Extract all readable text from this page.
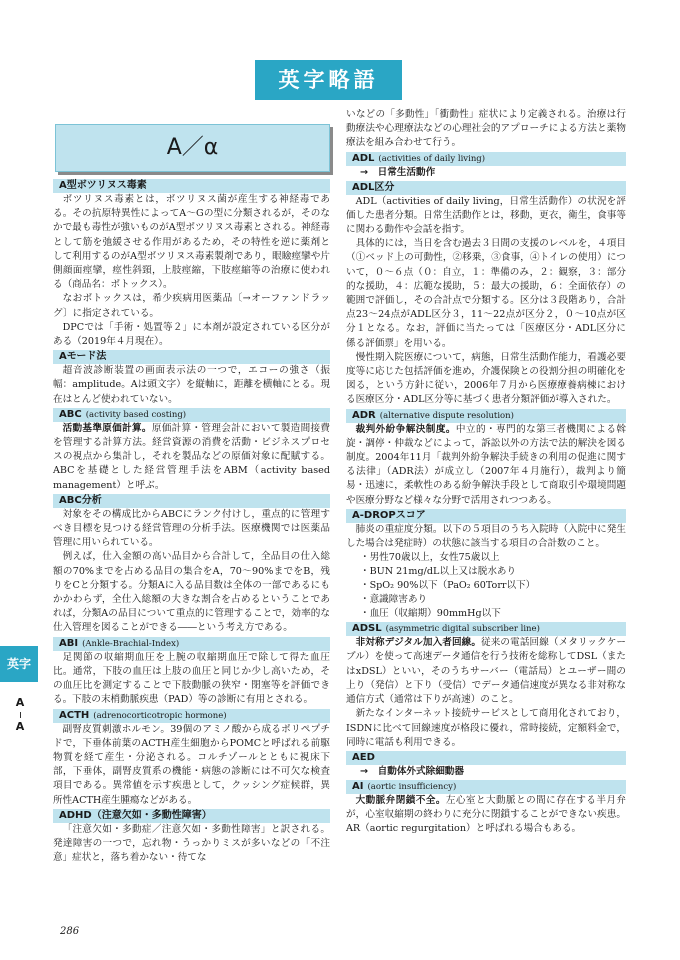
英字略語
A／α
A型ボツリヌス毒素

ボツリヌス毒素とは，ボツリヌス菌が産生する神経毒である。その抗原特異性によってA〜Gの型に分類されるが，そのなかで最も毒性が強いものがA型ボツリヌス毒素とされる。神経毒として筋を弛緩させる作用があるため，その特性を逆に薬剤として利用するのがA型ボツリヌス毒素製剤であり，眼瞼痙攣や片側顔面痙攣，痙性斜頸，上肢痙縮，下肢痙縮等の治療に使われる（商品名：ボトックス）。

なおボトックスは，希少疾病用医薬品〔→オーファンドラッグ〕に指定されている。

DPCでは「手術・処置等２」に本剤が設定されている区分がある（2019年４月現在）。

Aモード法

超音波診断装置の画面表示法の一つで，エコーの強さ（振幅：amplitude。Aは頭文字）を縦軸に，距離を横軸にとる。現在はとんど使われていない。

ABC (activity based costing)

活動基準原価計算。原価計算・管理会計において製造間接費を管理する計算方法。経営資源の消費を活動・ビジネスプロセスの視点から集計し，それを製品などの原価対象に配賦する。ABCを基礎とした経営管理手法をABM（activity based management）と呼ぶ。

ABC分析

対象をその構成比からABCにランク付けし，重点的に管理すべき目標を見つける経営管理の分析手法。医療機関では医薬品管理に用いられている。

例えば，仕入金額の高い品目から合計して，全品目の仕入総額の70%までを占める品目の集合をA，70〜90%までをB，残りをCと分類する。分類Aに入る品目数は全体の一部であるにもかかわらず，全仕入総額の大きな割合を占めるということであれば，分類Aの品目について重点的に管理することで，効率的な仕入管理を図ることができる――という考え方である。

ABI (Ankle-Brachial-Index)

足関節の収縮期血圧を上腕の収縮期血圧で除して得た血圧比。通常，下肢の血圧は上肢の血圧と同じか少し高いため，その血圧比を測定することで下肢動脈の狭窄・閉塞等を評価できる。下肢の末梢動脈疾患（PAD）等の診断に有用とされる。

ACTH (adrenocorticotropic hormone)

副腎皮質刺激ホルモン。39個のアミノ酸から成るポリペプチドで，下垂体前葉のACTH産生細胞からPOMCと呼ばれる前駆物質を経て産生・分泌される。コルチゾールとともに視床下部，下垂体，副腎皮質系の機能・病態の診断には不可欠な検査項目である。異常値を示す疾患として，クッシング症候群，異所性ACTH産生腫瘍などがある。

ADHD（注意欠如・多動性障害）

「注意欠如・多動症／注意欠如・多動性障害」と訳される。発達障害の一つで，忘れ物・うっかりミスが多いなどの「不注意」症状と，落ち着かない・待てな

いなどの「多動性」「衝動性」症状により定義される。治療は行動療法や心理療法などの心理社会的アプローチによる方法と薬物療法を組み合わせて行う。

ADL (activities of daily living)
→　日常生活動作
ADL区分

ADL（activities of daily living，日常生活動作）の状況を評価した患者分類。日常生活動作とは，移動，更衣，衛生，食事等に関わる動作や会話を指す。

具体的には，当日を含む過去３日間の支援のレベルを，４項目（①ベッド上の可動性，②移乗，③食事，④トイレの使用）について，０〜６点（０：自立，１：準備のみ，２：観察，３：部分的な援助，４：広範な援助，５：最大の援助，６：全面依存）の範囲で評価し，その合計点で分類する。区分は３段階あり，合計点23〜24点がADL区分３，11〜22点が区分２，０〜10点が区分１となる。なお，評価に当たっては「医療区分・ADL区分に係る評価票」を用いる。

慢性期入院医療について，病態，日常生活動作能力，看護必要度等に応じた包括評価を進め，介護保険との役割分担の明確化を図る，という方針に従い，2006年７月から医療療養病棟における医療区分・ADL区分等に基づく患者分類評価が導入された。

ADR (alternative dispute resolution)

裁判外紛争解決制度。中立的・専門的な第三者機関による斡旋・調停・仲裁などによって，訴訟以外の方法で法的解決を図る制度。2004年11月「裁判外紛争解決手続きの利用の促進に関する法律」（ADR法）が成立し（2007年４月施行），裁判より簡易・迅速に，柔軟性のある紛争解決手段として商取引や環境問題や医療分野など様々な分野で活用されつつある。

A-DROPスコア

肺炎の重症度分類。以下の５項目のうち入院時（入院中に発生した場合は発症時）の状態に該当する項目の合計数のこと。

・男性70歳以上，女性75歳以上
・BUN 21mg/dL以上又は脱水あり
・SpO₂ 90%以下（PaO₂ 60Torr以下）
・意識障害あり
・血圧（収縮期）90mmHg以下
ADSL (asymmetric digital subscriber line)

非対称デジタル加入者回線。従来の電話回線（メタリックケーブル）を使って高速データ通信を行う技術を総称してDSL（またはxDSL）といい，そのうちサーバー（電話局）とユーザー間の上り（発信）と下り（受信）でデータ通信速度が異なる非対称な通信方式（通常は下りが高速）のこと。

新たなインターネット接続サービスとして商用化されており，ISDNに比べて回線速度が格段に優れ，常時接続，定額料金で，同時に電話も利用できる。

AED
→　自動体外式除細動器
AI (aortic insufficiency)

大動脈弁閉鎖不全。左心室と大動脈との間に存在する半月弁が，心室収縮期の終わりに充分に閉鎖することができない疾患。AR（aortic regurgitation）と呼ばれる場合もある。

英字
A
A
286
